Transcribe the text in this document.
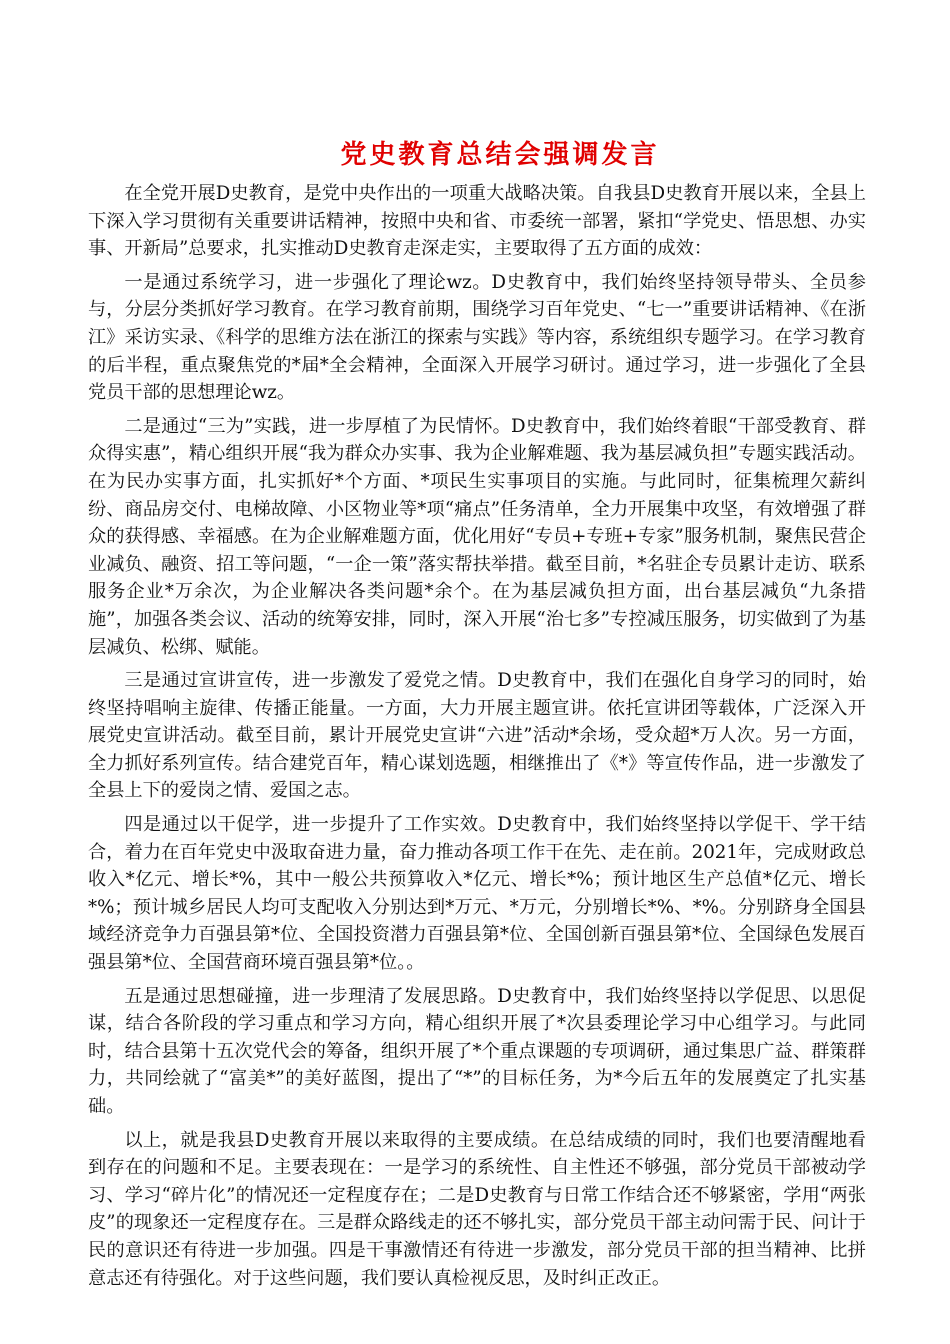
党史教育总结会强调发言

在全党开展D史教育，是党中央作出的一项重大战略决策。自我县D史教育开展以来，全县上下深入学习贯彻有关重要讲话精神，按照中央和省、市委统一部署，紧扣“学党史、悟思想、办实事、开新局”总要求，扎实推动D史教育走深走实，主要取得了五方面的成效：

一是通过系统学习，进一步强化了理论wz。D史教育中，我们始终坚持领导带头、全员参与，分层分类抓好学习教育。在学习教育前期，围绕学习百年党史、“七一”重要讲话精神、《在浙江》采访实录、《科学的思维方法在浙江的探索与实践》等内容，系统组织专题学习。在学习教育的后半程，重点聚焦党的*届*全会精神，全面深入开展学习研讨。通过学习，进一步强化了全县党员干部的思想理论wz。

二是通过“三为”实践，进一步厚植了为民情怀。D史教育中，我们始终着眼“干部受教育、群众得实惠”，精心组织开展“我为群众办实事、我为企业解难题、我为基层减负担”专题实践活动。在为民办实事方面，扎实抓好*个方面、*项民生实事项目的实施。与此同时，征集梳理欠薪纠纷、商品房交付、电梯故障、小区物业等*项“痛点”任务清单，全力开展集中攻坚，有效增强了群众的获得感、幸福感。在为企业解难题方面，优化用好“专员+专班+专家”服务机制，聚焦民营企业减负、融资、招工等问题，“一企一策”落实帮扶举措。截至目前，*名驻企专员累计走访、联系服务企业*万余次，为企业解决各类问题*余个。在为基层减负担方面，出台基层减负“九条措施”，加强各类会议、活动的统筹安排，同时，深入开展“治七多”专控减压服务，切实做到了为基层减负、松绑、赋能。

三是通过宣讲宣传，进一步激发了爱党之情。D史教育中，我们在强化自身学习的同时，始终坚持唱响主旋律、传播正能量。一方面，大力开展主题宣讲。依托宣讲团等载体，广泛深入开展党史宣讲活动。截至目前，累计开展党史宣讲“六进”活动*余场，受众超*万人次。另一方面，全力抓好系列宣传。结合建党百年，精心谋划选题，相继推出了《*》等宣传作品，进一步激发了全县上下的爱岗之情、爱国之志。

四是通过以干促学，进一步提升了工作实效。D史教育中，我们始终坚持以学促干、学干结合，着力在百年党史中汲取奋进力量，奋力推动各项工作干在先、走在前。2021年，完成财政总收入*亿元、增长*%，其中一般公共预算收入*亿元、增长*%；预计地区生产总值*亿元、增长*%；预计城乡居民人均可支配收入分别达到*万元、*万元，分别增长*%、*%。分别跻身全国县域经济竞争力百强县第*位、全国投资潜力百强县第*位、全国创新百强县第*位、全国绿色发展百强县第*位、全国营商环境百强县第*位。。

五是通过思想碰撞，进一步理清了发展思路。D史教育中，我们始终坚持以学促思、以思促谋，结合各阶段的学习重点和学习方向，精心组织开展了*次县委理论学习中心组学习。与此同时，结合县第十五次党代会的筹备，组织开展了*个重点课题的专项调研，通过集思广益、群策群力，共同绘就了“富美*”的美好蓝图，提出了“*”的目标任务，为*今后五年的发展奠定了扎实基础。

以上，就是我县D史教育开展以来取得的主要成绩。在总结成绩的同时，我们也要清醒地看到存在的问题和不足。主要表现在：一是学习的系统性、自主性还不够强，部分党员干部被动学习、学习“碎片化”的情况还一定程度存在；二是D史教育与日常工作结合还不够紧密，学用“两张皮”的现象还一定程度存在。三是群众路线走的还不够扎实，部分党员干部主动问需于民、问计于民的意识还有待进一步加强。四是干事激情还有待进一步激发，部分党员干部的担当精神、比拼意志还有待强化。对于这些问题，我们要认真检视反思，及时纠正改正。
